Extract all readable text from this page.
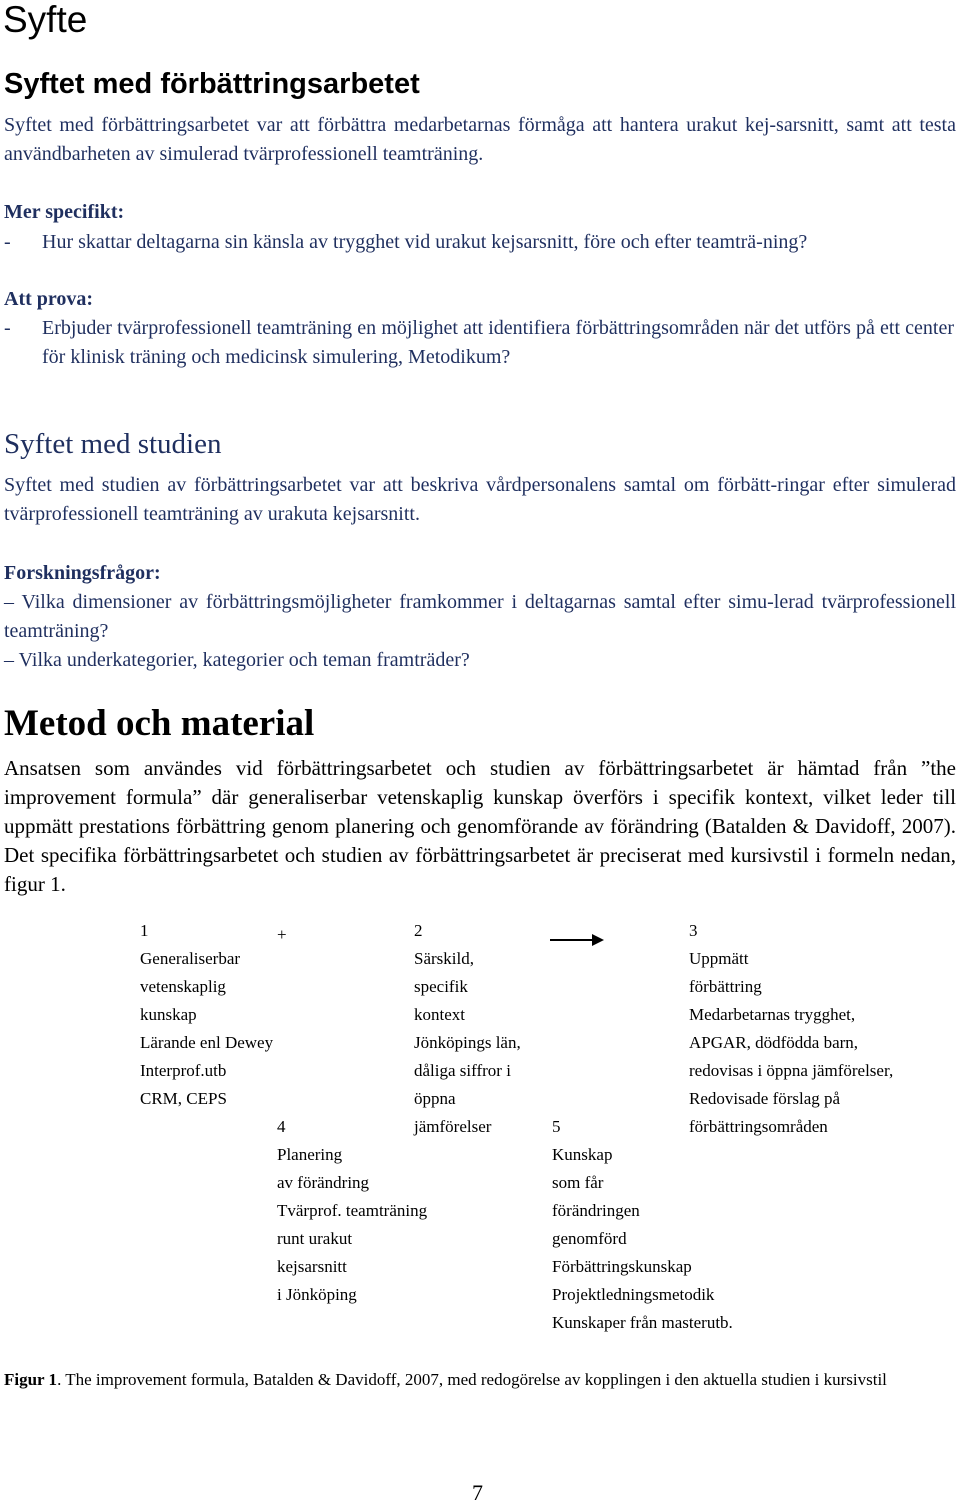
Syfte
Syftet med förbättringsarbetet
Syftet med förbättringsarbetet var att förbättra medarbetarnas förmåga att hantera urakut kej-sarsnitt, samt att testa användbarheten av simulerad tvärprofessionell teamträning.
Mer specifikt:
- Hur skattar deltagarna sin känsla av trygghet vid urakut kejsarsnitt, före och efter teamträ-ning?
Att prova:
- Erbjuder tvärprofessionell teamträning en möjlighet att identifiera förbättringsområden när det utförs på ett center för klinisk träning och medicinsk simulering, Metodikum?
Syftet med studien
Syftet med studien av förbättringsarbetet var att beskriva vårdpersonalens samtal om förbätt-ringar efter simulerad tvärprofessionell teamträning av urakuta kejsarsnitt.
Forskningsfrågor:
– Vilka dimensioner av förbättringsmöjligheter framkommer i deltagarnas samtal efter simu-lerad tvärprofessionell teamträning?
– Vilka underkategorier, kategorier och teman framträder?
Metod och material
Ansatsen som användes vid förbättringsarbetet och studien av förbättringsarbetet är hämtad från ”the improvement formula” där generaliserbar vetenskaplig kunskap överförs i specifik kontext, vilket leder till uppmätt prestations förbättring genom planering och genomförande av förändring (Batalden & Davidoff, 2007). Det specifika förbättringsarbetet och studien av förbättringsarbetet är preciserat med kursivstil i formeln nedan, figur 1.
1
Generaliserbar
vetenskaplig
kunskap
Lärande enl Dewey
Interprof.utb
CRM, CEPS
+	2
Särskild,
specifik
kontext
Jönköpings län,
dåliga siffror i
öppna
jämförelser
3
Uppmätt
förbättring
Medarbetarnas trygghet,
APGAR, dödfödda barn,
redovisas i öppna jämförelser,
Redovisade förslag på
förbättringsområden
4
Planering
av förändring
Tvärprof. teamträning
runt urakut
kejsarsnitt
i Jönköping
5
Kunskap
som får
förändringen
genomförd
Förbättringskunskap
Projektledningsmetodik
Kunskaper från masterutb.
Figur 1. The improvement formula, Batalden & Davidoff, 2007, med redogörelse av kopplingen i den aktuella studien i kursivstil
7
